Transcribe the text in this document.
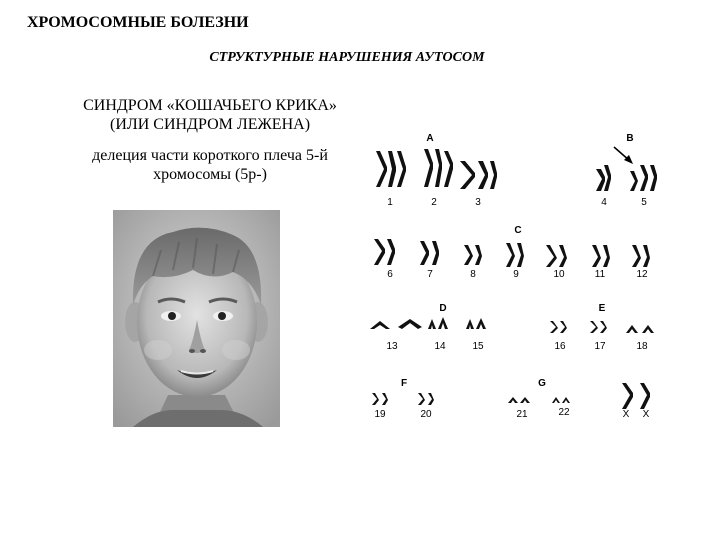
ХРОМОСОМНЫЕ БОЛЕЗНИ
СТРУКТУРНЫЕ НАРУШЕНИЯ АУТОСОМ
СИНДРОМ «КОШАЧЬЕГО КРИКА»
(ИЛИ СИНДРОМ ЛЕЖЕНА)
делеция части короткого плеча 5-й
хромосомы (5p-)
A	B
C
D	E
F	G
1	2	3	4	5
6	7	8	9	10	11	12
13	14	15	16	17	18
19	20	21	22	X X
